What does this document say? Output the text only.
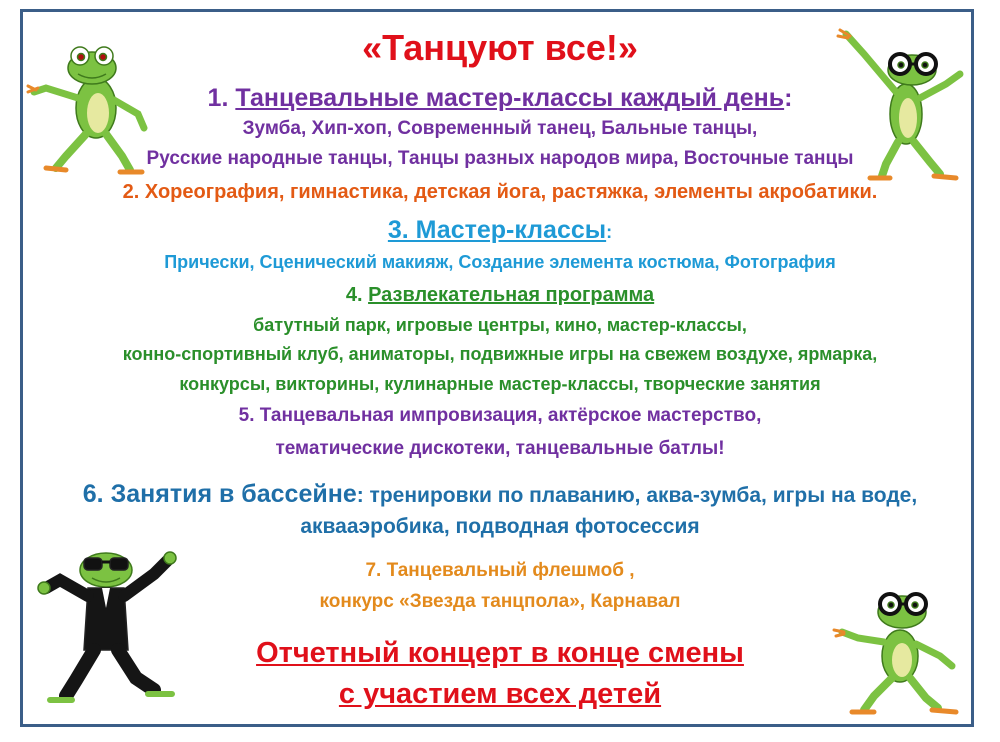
«Танцуют все!»
1. Танцевальные мастер-классы каждый день:
Зумба, Хип-хоп, Современный танец, Бальные танцы,
Русские народные танцы, Танцы разных народов мира, Восточные танцы
2. Хореография, гимнастика, детская йога, растяжка, элементы акробатики.
3. Мастер-классы:
Прически, Сценический макияж, Создание элемента костюма, Фотография
4. Развлекательная программа
батутный парк, игровые центры, кино, мастер-классы,
конно-спортивный клуб, аниматоры, подвижные игры на свежем воздухе, ярмарка,
конкурсы, викторины, кулинарные мастер-классы, творческие занятия
5. Танцевальная импровизация, актёрское мастерство,
тематические дискотеки, танцевальные батлы!
6. Занятия в бассейне: тренировки по плаванию, аква-зумба, игры на воде,
аквааэробика, подводная фотосессия
7. Танцевальный флешмоб ,
конкурс «Звезда танцпола», Карнавал
Отчетный концерт в конце смены
с участием всех детей
